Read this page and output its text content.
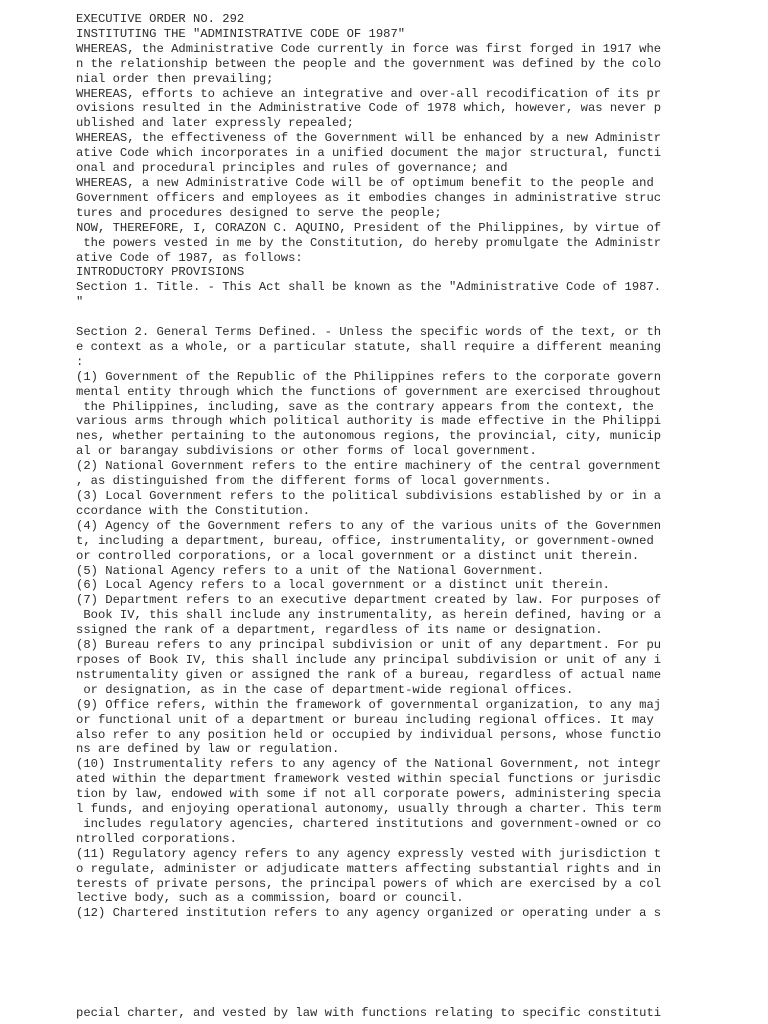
EXECUTIVE ORDER NO. 292
INSTITUTING THE "ADMINISTRATIVE CODE OF 1987"
WHEREAS, the Administrative Code currently in force was first forged in 1917 whe
n the relationship between the people and the government was defined by the colo
nial order then prevailing;
WHEREAS, efforts to achieve an integrative and over-all recodification of its pr
ovisions resulted in the Administrative Code of 1978 which, however, was never p
ublished and later expressly repealed;
WHEREAS, the effectiveness of the Government will be enhanced by a new Administr
ative Code which incorporates in a unified document the major structural, functi
onal and procedural principles and rules of governance; and
WHEREAS, a new Administrative Code will be of optimum benefit to the people and
Government officers and employees as it embodies changes in administrative struc
tures and procedures designed to serve the people;
NOW, THEREFORE, I, CORAZON C. AQUINO, President of the Philippines, by virtue of
the powers vested in me by the Constitution, do hereby promulgate the Administr
ative Code of 1987, as follows:
INTRODUCTORY PROVISIONS
Section 1. Title. - This Act shall be known as the "Administrative Code of 1987.
"
Section 2. General Terms Defined. - Unless the specific words of the text, or th
e context as a whole, or a particular statute, shall require a different meaning
:
(1) Government of the Republic of the Philippines refers to the corporate govern
mental entity through which the functions of government are exercised throughout
the Philippines, including, save as the contrary appears from the context, the
various arms through which political authority is made effective in the Philippi
nes, whether pertaining to the autonomous regions, the provincial, city, municip
al or barangay subdivisions or other forms of local government.
(2) National Government refers to the entire machinery of the central government
, as distinguished from the different forms of local governments.
(3) Local Government refers to the political subdivisions established by or in a
ccordance with the Constitution.
(4) Agency of the Government refers to any of the various units of the Governmen
t, including a department, bureau, office, instrumentality, or government-owned
or controlled corporations, or a local government or a distinct unit therein.
(5) National Agency refers to a unit of the National Government.
(6) Local Agency refers to a local government or a distinct unit therein.
(7) Department refers to an executive department created by law. For purposes of
Book IV, this shall include any instrumentality, as herein defined, having or a
ssigned the rank of a department, regardless of its name or designation.
(8) Bureau refers to any principal subdivision or unit of any department. For pu
rposes of Book IV, this shall include any principal subdivision or unit of any i
nstrumentality given or assigned the rank of a bureau, regardless of actual name
or designation, as in the case of department-wide regional offices.
(9) Office refers, within the framework of governmental organization, to any maj
or functional unit of a department or bureau including regional offices. It may
also refer to any position held or occupied by individual persons, whose functio
ns are defined by law or regulation.
(10) Instrumentality refers to any agency of the National Government, not integr
ated within the department framework vested within special functions or jurisdic
tion by law, endowed with some if not all corporate powers, administering specia
l funds, and enjoying operational autonomy, usually through a charter. This term
includes regulatory agencies, chartered institutions and government-owned or co
ntrolled corporations.
(11) Regulatory agency refers to any agency expressly vested with jurisdiction t
o regulate, administer or adjudicate matters affecting substantial rights and in
terests of private persons, the principal powers of which are exercised by a col
lective body, such as a commission, board or council.
(12) Chartered institution refers to any agency organized or operating under a s
pecial charter, and vested by law with functions relating to specific constituti
